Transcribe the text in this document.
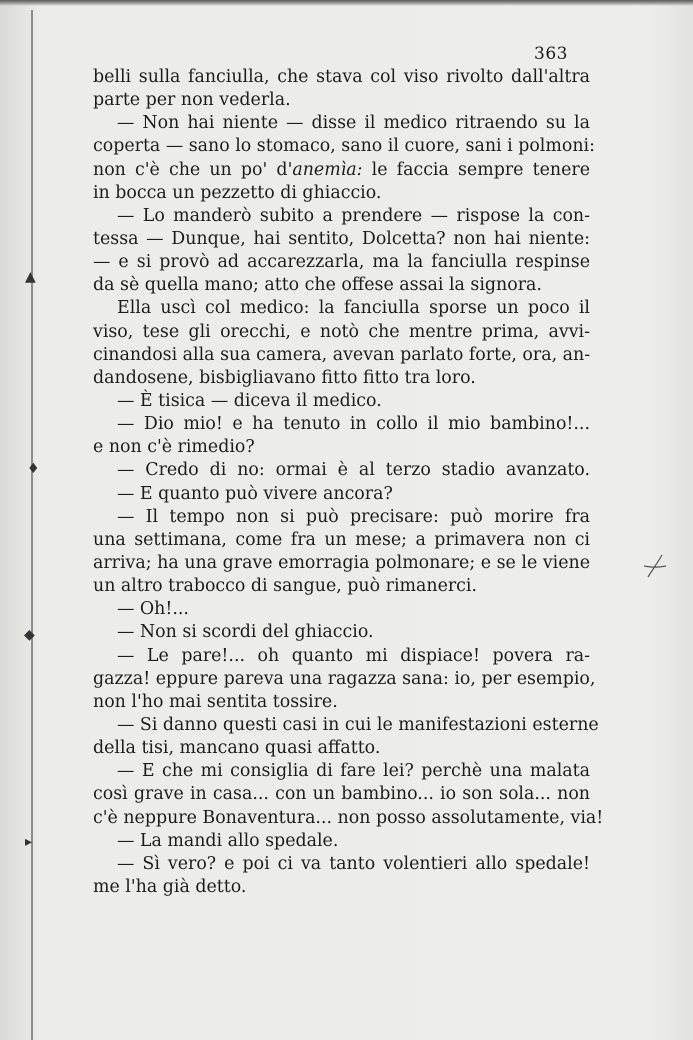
▲
♦
◆
▸
363
belli sulla fanciulla, che stava col viso rivolto dall'altra
parte per non vederla.
— Non hai niente — disse il medico ritraendo su la
coperta — sano lo stomaco, sano il cuore, sani i polmoni:
non c'è che un po' d'anemìa: le faccia sempre tenere
in bocca un pezzetto di ghiaccio.
— Lo manderò subito a prendere — rispose la con-
tessa — Dunque, hai sentito, Dolcetta? non hai niente:
— e si provò ad accarezzarla, ma la fanciulla respinse
da sè quella mano; atto che offese assai la signora.
Ella uscì col medico: la fanciulla sporse un poco il
viso, tese gli orecchi, e notò che mentre prima, avvi-
cinandosi alla sua camera, avevan parlato forte, ora, an-
dandosene, bisbigliavano fitto fitto tra loro.
— È tisica — diceva il medico.
— Dio mio! e ha tenuto in collo il mio bambino!...
e non c'è rimedio?
— Credo di no: ormai è al terzo stadio avanzato.
— E quanto può vivere ancora?
— Il tempo non si può precisare: può morire fra
una settimana, come fra un mese; a primavera non ci
arriva; ha una grave emorragia polmonare; e se le viene
un altro trabocco di sangue, può rimanerci.
— Oh!...
— Non si scordi del ghiaccio.
— Le pare!... oh quanto mi dispiace! povera ra-
gazza! eppure pareva una ragazza sana: io, per esempio,
non l'ho mai sentita tossire.
— Si danno questi casi in cui le manifestazioni esterne
della tisi, mancano quasi affatto.
— E che mi consiglia di fare lei? perchè una malata
così grave in casa... con un bambino... io son sola... non
c'è neppure Bonaventura... non posso assolutamente, via!
— La mandi allo spedale.
— Sì vero? e poi ci va tanto volentieri allo spedale!
me l'ha già detto.
